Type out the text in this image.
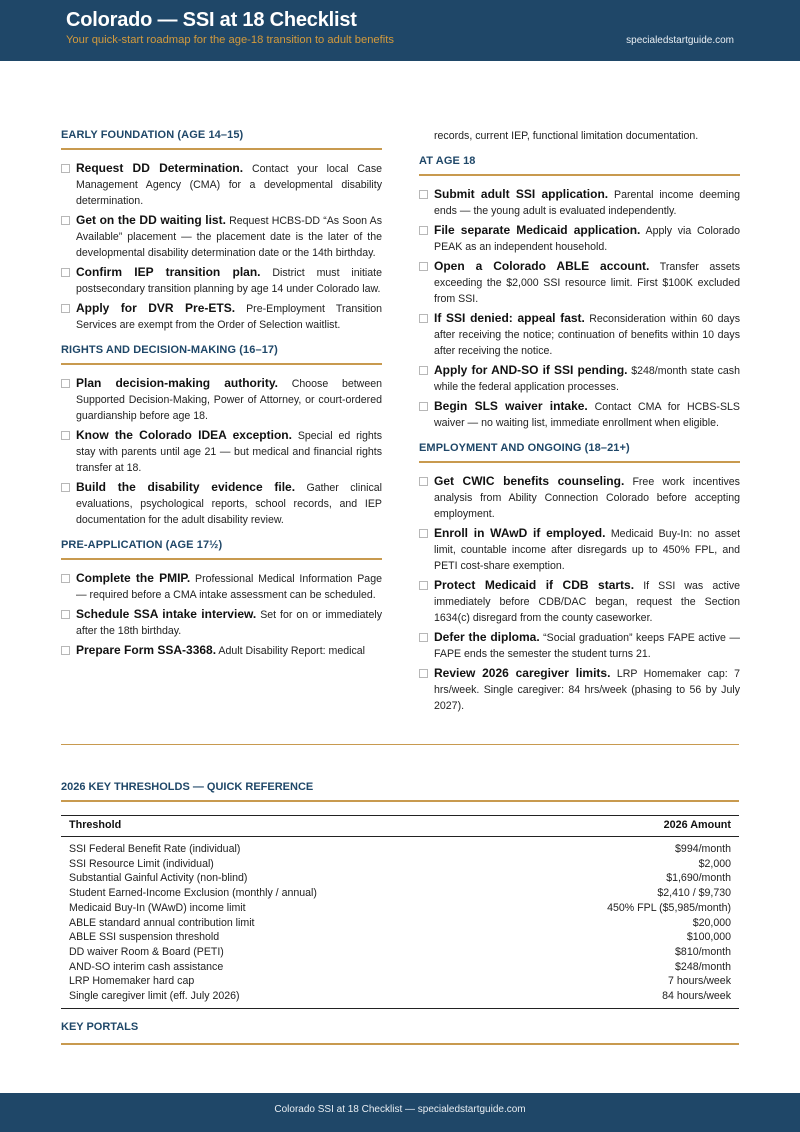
Colorado — SSI at 18 Checklist
Your quick-start roadmap for the age-18 transition to adult benefits	specialedstartguide.com
EARLY FOUNDATION (AGE 14–15)
Request DD Determination. Contact your local Case Management Agency (CMA) for a developmental disability determination.
Get on the DD waiting list. Request HCBS-DD “As Soon As Available” placement — the placement date is the later of the developmental disability determination date or the 14th birthday.
Confirm IEP transition plan. District must initiate postsecondary transition planning by age 14 under Colorado law.
Apply for DVR Pre-ETS. Pre-Employment Transition Services are exempt from the Order of Selection waitlist.
RIGHTS AND DECISION-MAKING (16–17)
Plan decision-making authority. Choose between Supported Decision-Making, Power of Attorney, or court-ordered guardianship before age 18.
Know the Colorado IDEA exception. Special ed rights stay with parents until age 21 — but medical and financial rights transfer at 18.
Build the disability evidence file. Gather clinical evaluations, psychological reports, school records, and IEP documentation for the adult disability review.
PRE-APPLICATION (AGE 17½)
Complete the PMIP. Professional Medical Information Page — required before a CMA intake assessment can be scheduled.
Schedule SSA intake interview. Set for on or immediately after the 18th birthday.
Prepare Form SSA-3368. Adult Disability Report: medical
records, current IEP, functional limitation documentation.
AT AGE 18
Submit adult SSI application. Parental income deeming ends — the young adult is evaluated independently.
File separate Medicaid application. Apply via Colorado PEAK as an independent household.
Open a Colorado ABLE account. Transfer assets exceeding the $2,000 SSI resource limit. First $100K excluded from SSI.
If SSI denied: appeal fast. Reconsideration within 60 days after receiving the notice; continuation of benefits within 10 days after receiving the notice.
Apply for AND-SO if SSI pending. $248/month state cash while the federal application processes.
Begin SLS waiver intake. Contact CMA for HCBS-SLS waiver — no waiting list, immediate enrollment when eligible.
EMPLOYMENT AND ONGOING (18–21+)
Get CWIC benefits counseling. Free work incentives analysis from Ability Connection Colorado before accepting employment.
Enroll in WAwD if employed. Medicaid Buy-In: no asset limit, countable income after disregards up to 450% FPL, and PETI cost-share exemption.
Protect Medicaid if CDB starts. If SSI was active immediately before CDB/DAC began, request the Section 1634(c) disregard from the county caseworker.
Defer the diploma. “Social graduation” keeps FAPE active — FAPE ends the semester the student turns 21.
Review 2026 caregiver limits. LRP Homemaker cap: 7 hrs/week. Single caregiver: 84 hrs/week (phasing to 56 by July 2027).
2026 KEY THRESHOLDS — QUICK REFERENCE
Threshold	2026 Amount
SSI Federal Benefit Rate (individual)	$994/month
SSI Resource Limit (individual)	$2,000
Substantial Gainful Activity (non-blind)	$1,690/month
Student Earned-Income Exclusion (monthly / annual)	$2,410 / $9,730
Medicaid Buy-In (WAwD) income limit	450% FPL ($5,985/month)
ABLE standard annual contribution limit	$20,000
ABLE SSI suspension threshold	$100,000
DD waiver Room & Board (PETI)	$810/month
AND-SO interim cash assistance	$248/month
LRP Homemaker hard cap	7 hours/week
Single caregiver limit (eff. July 2026)	84 hours/week
KEY PORTALS
Colorado SSI at 18 Checklist — specialedstartguide.com
